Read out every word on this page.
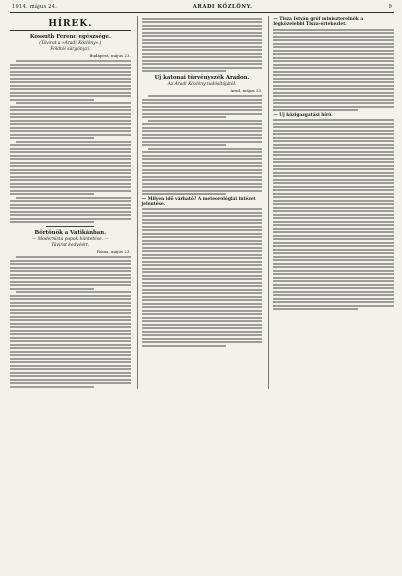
1914. május 24.	ARADI KÖZLÖNY.	9
HÍREK.
Kossuth Ferenc egészsége.
(Távirat a »Aradi Közlöny«.)
Földtól sürgönyzi.
Budapest, május 23.
Börtönök a Vatikánban.
— Modernista papok büntetése. —
Távirat kedvéért.
Róma, május 23.
Uj katonai türvényszék Aradon.
Az Aradi Közlöny tudósítójától.
Arad, május 23.
— Milyen idő várható? A meteorológiai intézet jelentése.
— Tisza István gróf miniszterelnök a legközelebbi Tisza-értekezlet.
— Uj közigazgatási bíró.
